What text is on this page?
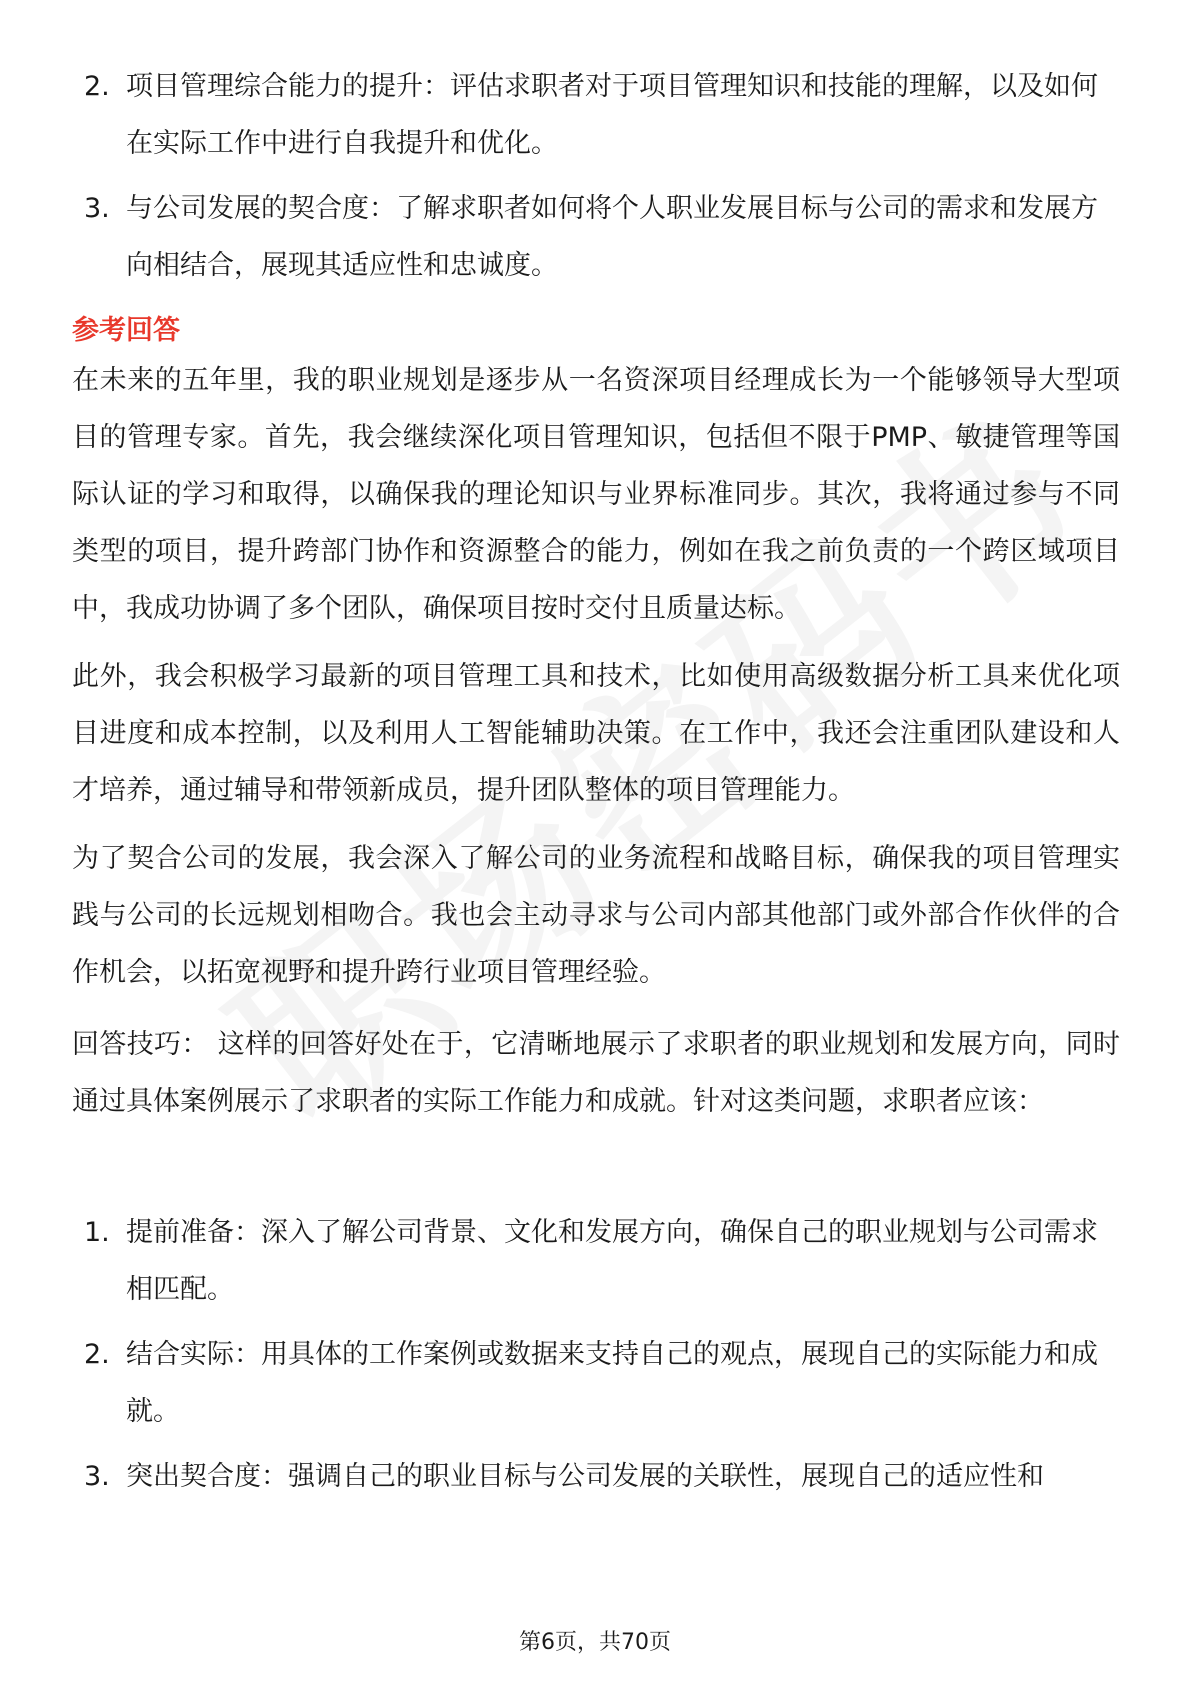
2. 项目管理综合能力的提升：评估求职者对于项目管理知识和技能的理解，以及如何在实际工作中进行自我提升和优化。
3. 与公司发展的契合度：了解求职者如何将个人职业发展目标与公司的需求和发展方向相结合，展现其适应性和忠诚度。
参考回答

在未来的五年里，我的职业规划是逐步从一名资深项目经理成长为一个能够领导大型项目的管理专家。首先，我会继续深化项目管理知识，包括但不限于PMP、敏捷管理等国际认证的学习和取得，以确保我的理论知识与业界标准同步。其次，我将通过参与不同类型的项目，提升跨部门协作和资源整合的能力，例如在我之前负责的一个跨区域项目中，我成功协调了多个团队，确保项目按时交付且质量达标。

此外，我会积极学习最新的项目管理工具和技术，比如使用高级数据分析工具来优化项目进度和成本控制，以及利用人工智能辅助决策。在工作中，我还会注重团队建设和人才培养，通过辅导和带领新成员，提升团队整体的项目管理能力。

为了契合公司的发展，我会深入了解公司的业务流程和战略目标，确保我的项目管理实践与公司的长远规划相吻合。我也会主动寻求与公司内部其他部门或外部合作伙伴的合作机会，以拓宽视野和提升跨行业项目管理经验。

回答技巧： 这样的回答好处在于，它清晰地展示了求职者的职业规划和发展方向，同时通过具体案例展示了求职者的实际工作能力和成就。针对这类问题，求职者应该：

1. 提前准备：深入了解公司背景、文化和发展方向，确保自己的职业规划与公司需求相匹配。
2. 结合实际：用具体的工作案例或数据来支持自己的观点，展现自己的实际能力和成就。
3. 突出契合度：强调自己的职业目标与公司发展的关联性，展现自己的适应性和
第6页，共70页
